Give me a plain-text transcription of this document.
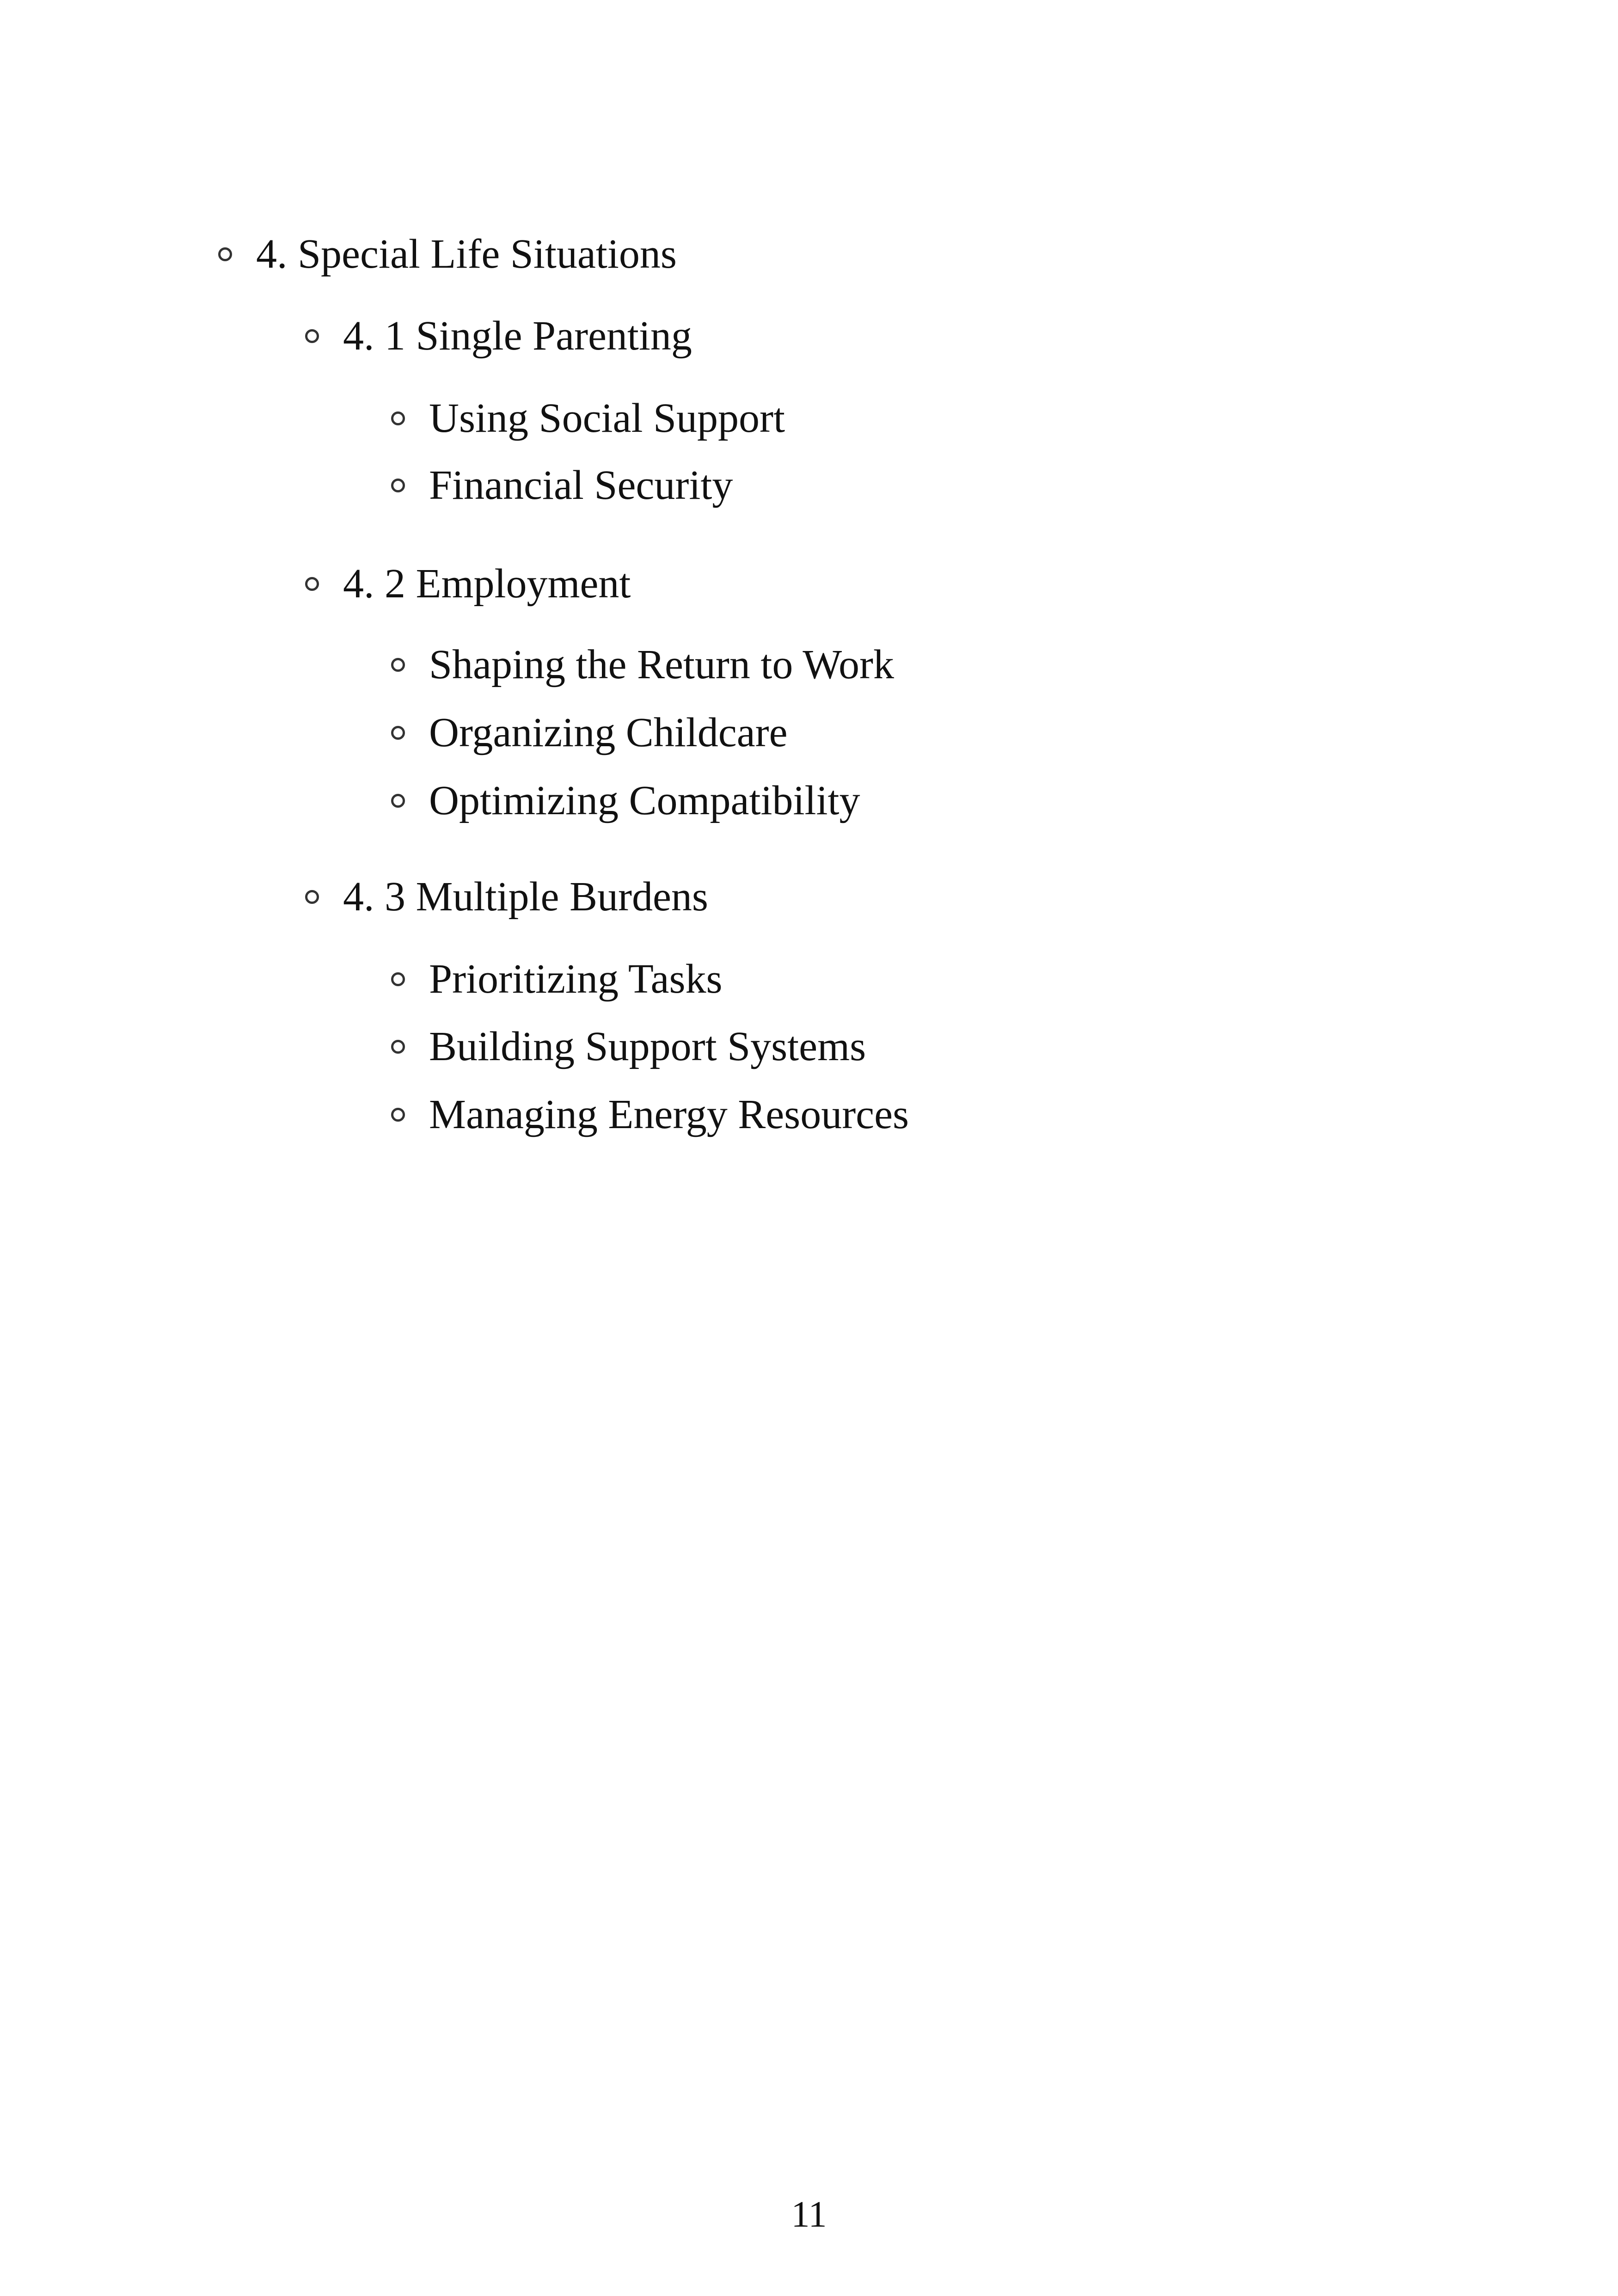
4. Special Life Situations
4. 1 Single Parenting
Using Social Support
Financial Security
4. 2 Employment
Shaping the Return to Work
Organizing Childcare
Optimizing Compatibility
4. 3 Multiple Burdens
Prioritizing Tasks
Building Support Systems
Managing Energy Resources
11
